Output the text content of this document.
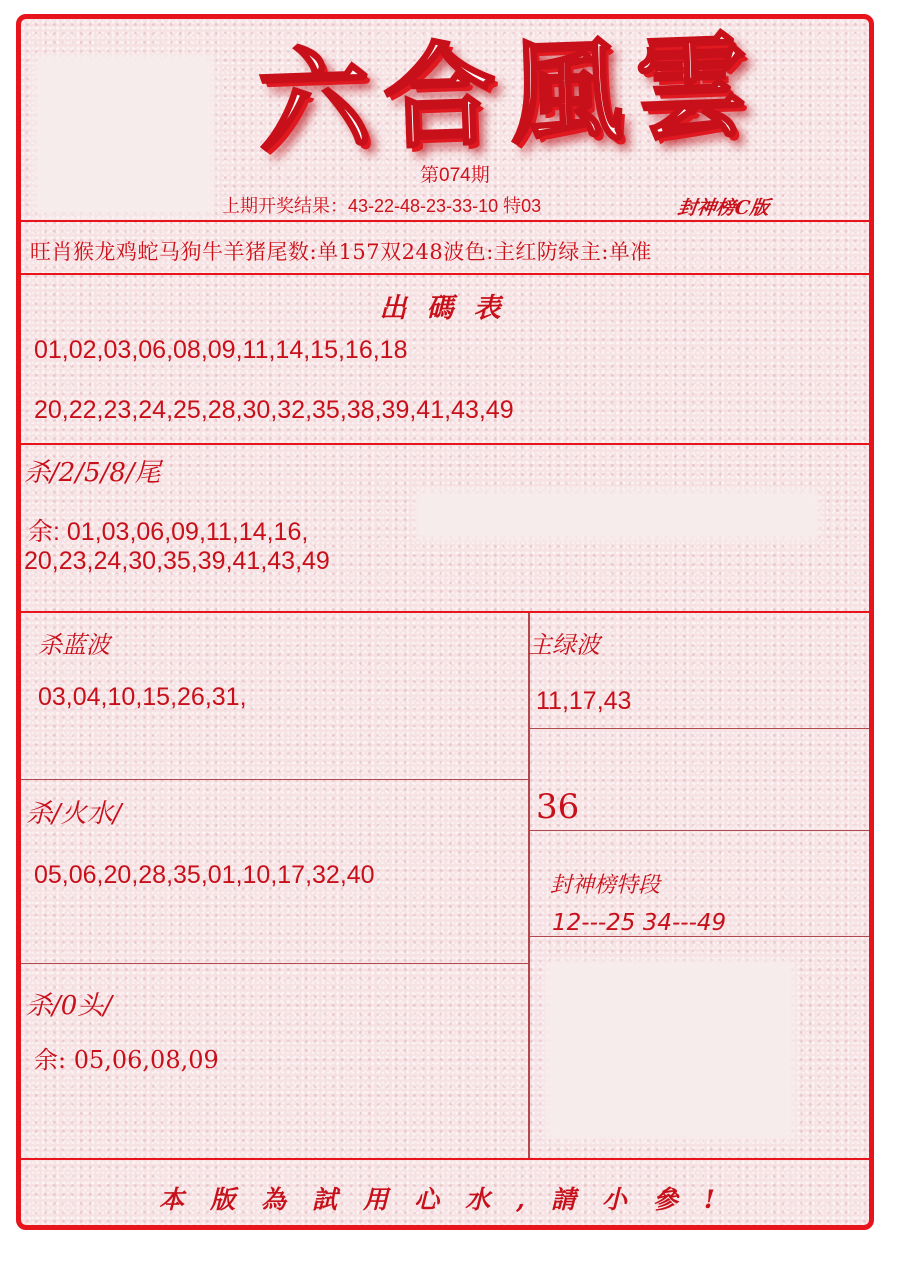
六合風雲
第074期
上期开奖结果：43-22-48-23-33-10 特03	封神榜C版
旺肖猴龙鸡蛇马狗牛羊猪尾数:单157双248波色:主红防绿主:单准
出碼表
01,02,03,06,08,09,11,14,15,16,18
20,22,23,24,25,28,30,32,35,38,39,41,43,49
杀/2/5/8/尾
余: 01,03,06,09,11,14,16,
20,23,24,30,35,39,41,43,49
杀蓝波
03,04,10,15,26,31,
主绿波
11,17,43
36
杀/火水/
05,06,20,28,35,01,10,17,32,40	封神榜特段
12---25 34---49
杀/0头/
余: 05,06,08,09
本版為試用心水,請小參!
